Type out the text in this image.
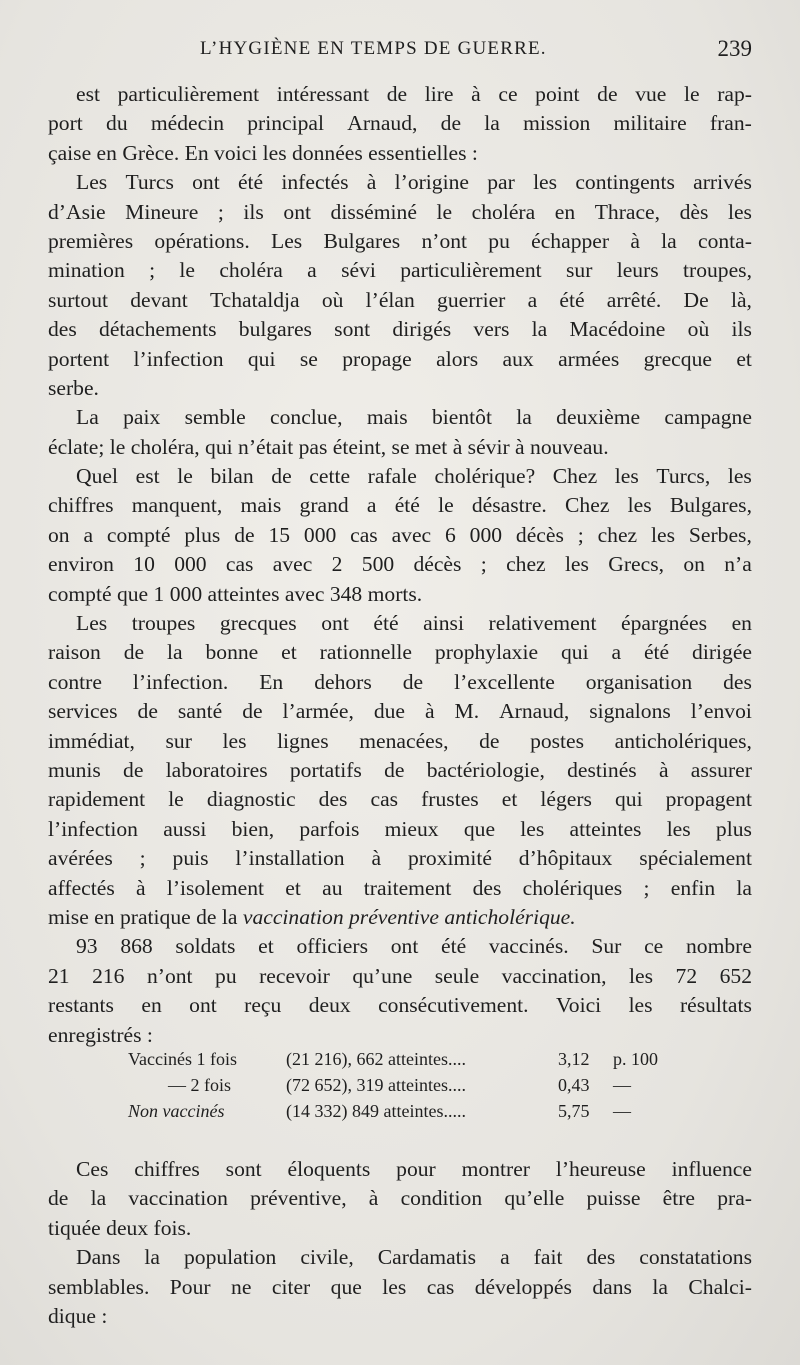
L’HYGIÈNE EN TEMPS DE GUERRE.	239
est particulièrement intéressant de lire à ce point de vue le rap-
port du médecin principal Arnaud, de la mission militaire fran-
çaise en Grèce. En voici les données essentielles :
Les Turcs ont été infectés à l’origine par les contingents arrivés
d’Asie Mineure ; ils ont disséminé le choléra en Thrace, dès les
premières opérations. Les Bulgares n’ont pu échapper à la conta-
mination ; le choléra a sévi particulièrement sur leurs troupes,
surtout devant Tchataldja où l’élan guerrier a été arrêté. De là,
des détachements bulgares sont dirigés vers la Macédoine où ils
portent l’infection qui se propage alors aux armées grecque et
serbe.
La paix semble conclue, mais bientôt la deuxième campagne
éclate; le choléra, qui n’était pas éteint, se met à sévir à nouveau.
Quel est le bilan de cette rafale cholérique? Chez les Turcs, les
chiffres manquent, mais grand a été le désastre. Chez les Bulgares,
on a compté plus de 15 000 cas avec 6 000 décès ; chez les Serbes,
environ 10 000 cas avec 2 500 décès ; chez les Grecs, on n’a
compté que 1 000 atteintes avec 348 morts.
Les troupes grecques ont été ainsi relativement épargnées en
raison de la bonne et rationnelle prophylaxie qui a été dirigée
contre l’infection. En dehors de l’excellente organisation des
services de santé de l’armée, due à M. Arnaud, signalons l’envoi
immédiat, sur les lignes menacées, de postes anticholériques,
munis de laboratoires portatifs de bactériologie, destinés à assurer
rapidement le diagnostic des cas frustes et légers qui propagent
l’infection aussi bien, parfois mieux que les atteintes les plus
avérées ; puis l’installation à proximité d’hôpitaux spécialement
affectés à l’isolement et au traitement des cholériques ; enfin la
mise en pratique de la vaccination préventive anticholérique.
93 868 soldats et officiers ont été vaccinés. Sur ce nombre
21 216 n’ont pu recevoir qu’une seule vaccination, les 72 652
restants en ont reçu deux consécutivement. Voici les résultats
enregistrés :
Vaccinés 1 fois	(21 216), 662 atteintes....	3,12 p. 100
— 2 fois	(72 652), 319 atteintes....	0,43 —
Non vaccinés	(14 332) 849 atteintes.....	5,75 —
Ces chiffres sont éloquents pour montrer l’heureuse influence
de la vaccination préventive, à condition qu’elle puisse être pra-
tiquée deux fois.
Dans la population civile, Cardamatis a fait des constatations
semblables. Pour ne citer que les cas développés dans la Chalci-
dique :
